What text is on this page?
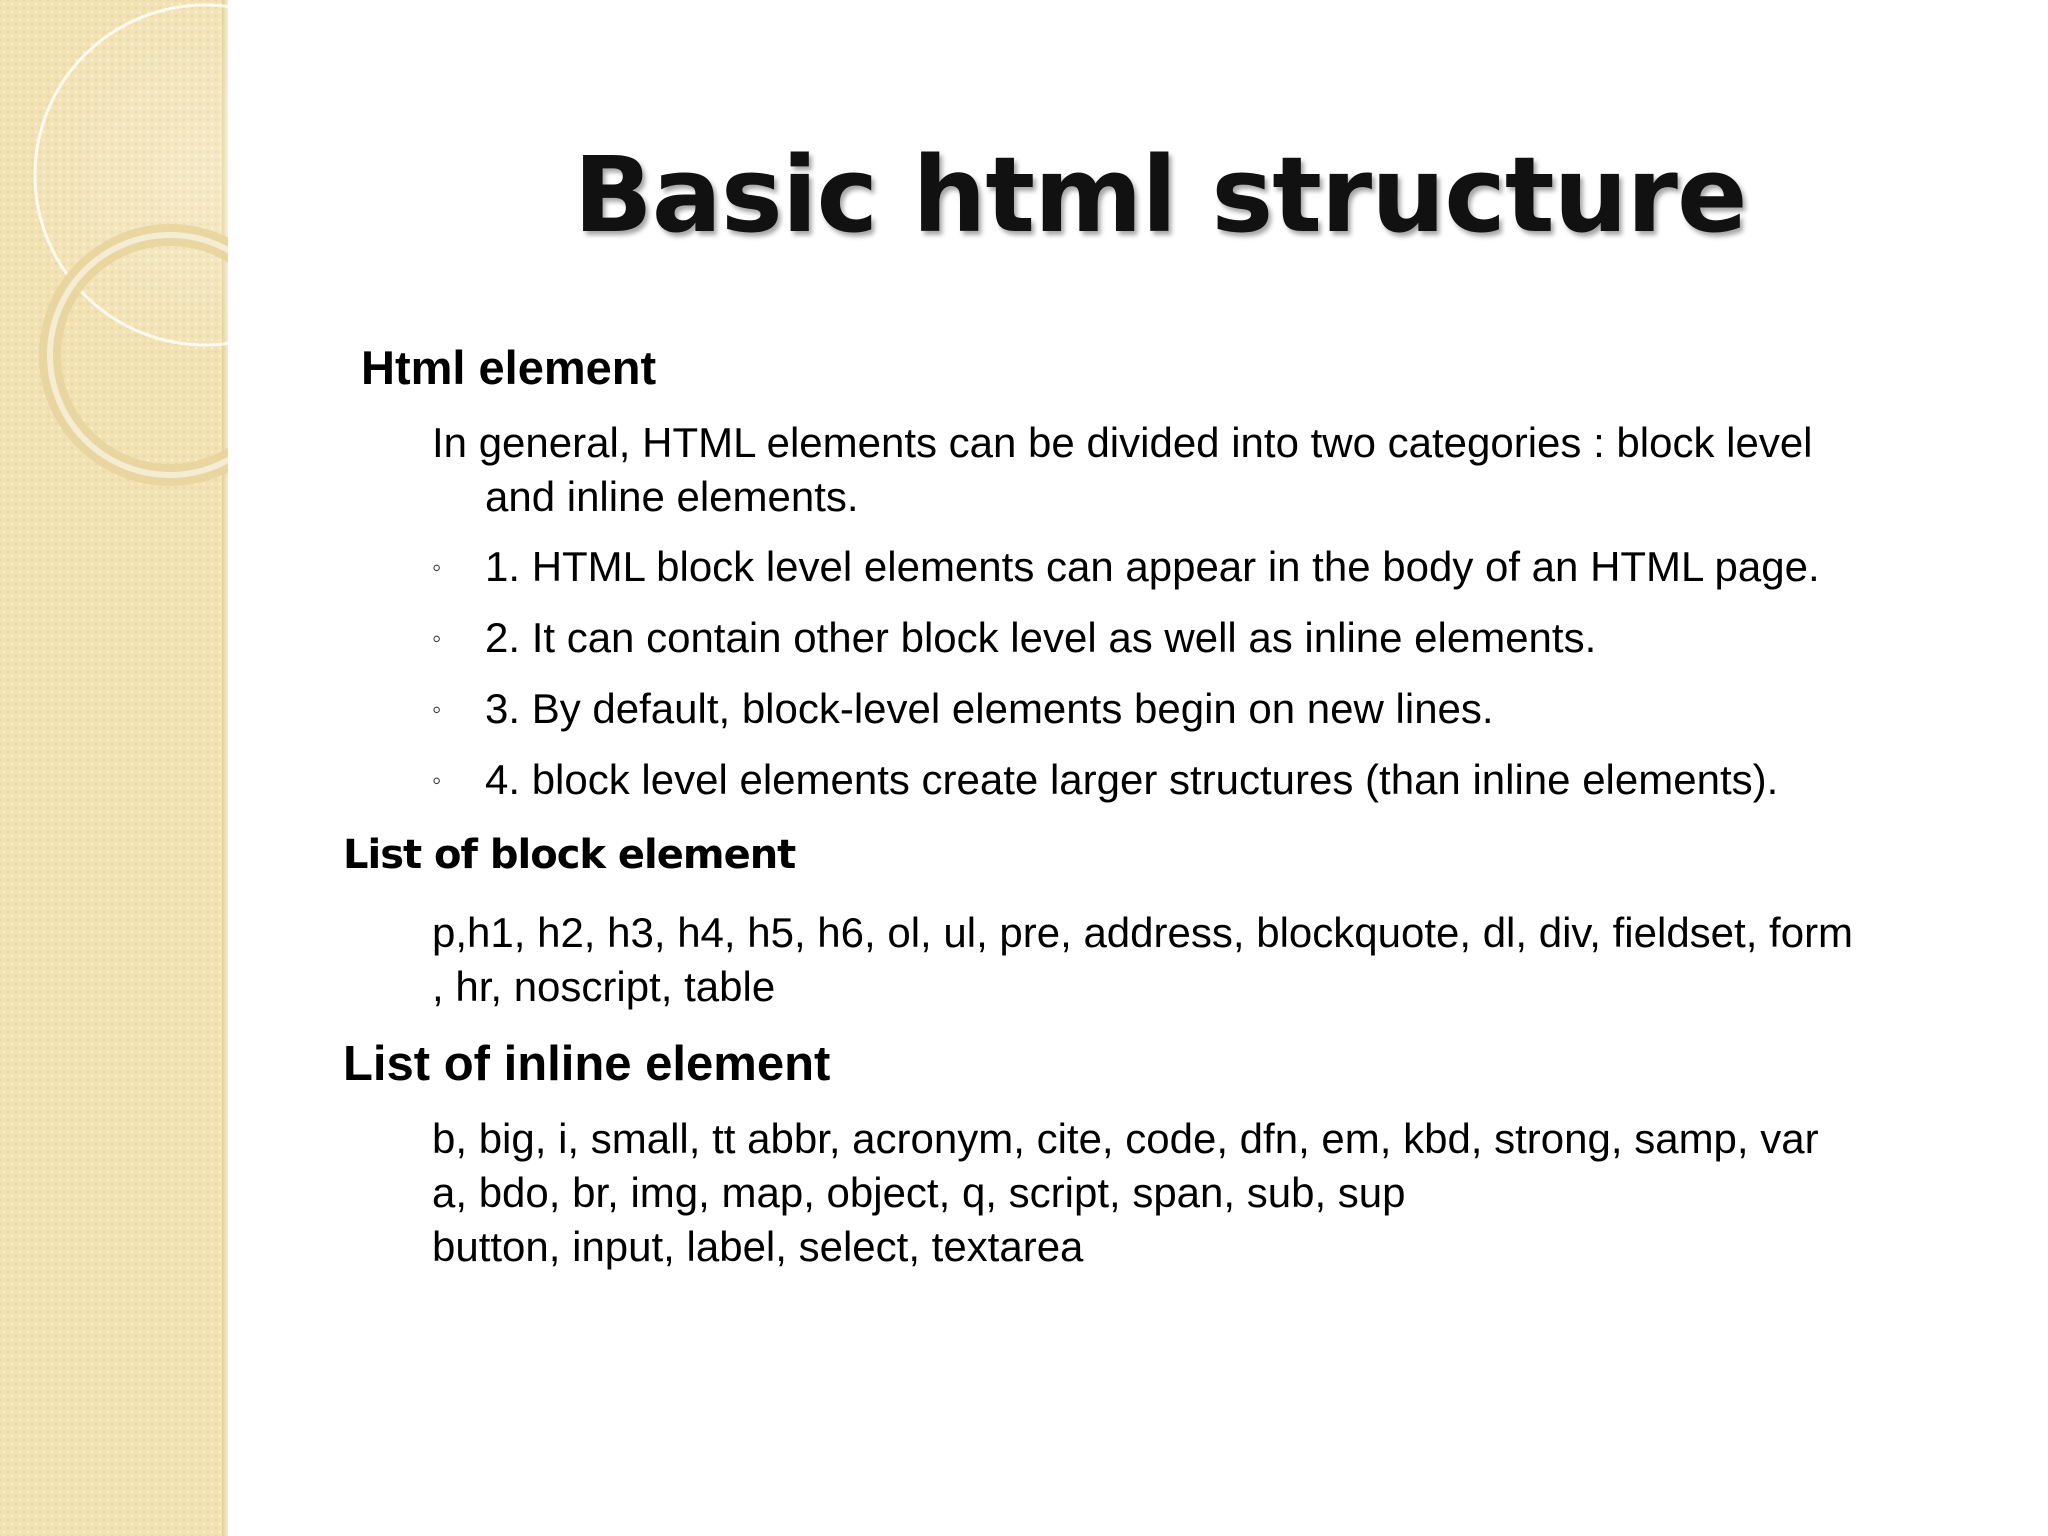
Basic html structure
Html element

In general, HTML elements can be divided into two categories : block level
and inline elements.

◦ 1. HTML block level elements can appear in the body of an HTML page.
◦ 2. It can contain other block level as well as inline elements.
◦ 3. By default, block-level elements begin on new lines.
◦ 4. block level elements create larger structures (than inline elements).
List of block element

p,h1, h2, h3, h4, h5, h6, ol, ul, pre, address, blockquote, dl, div, fieldset, form
, hr, noscript, table

List of inline element

b, big, i, small, tt abbr, acronym, cite, code, dfn, em, kbd, strong, samp, var
a, bdo, br, img, map, object, q, script, span, sub, sup
button, input, label, select, textarea
